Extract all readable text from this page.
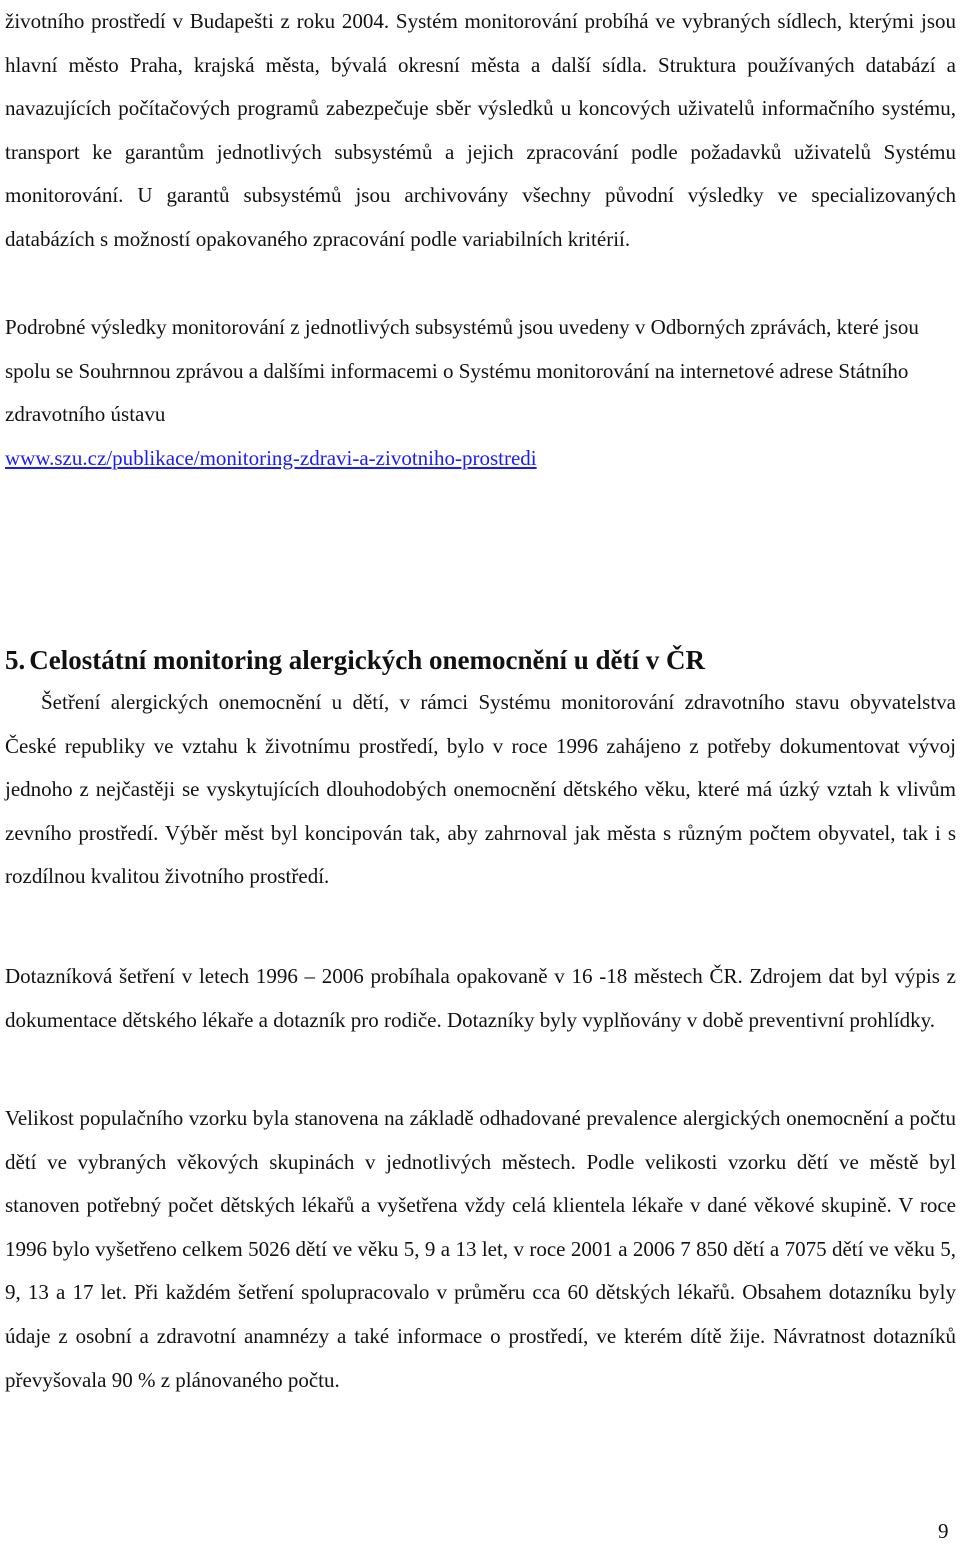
životního prostředí v Budapešti z roku 2004. Systém monitorování probíhá ve vybraných sídlech, kterými jsou hlavní město Praha, krajská města, bývalá okresní města a další sídla. Struktura používaných databází a navazujících počítačových programů zabezpečuje sběr výsledků u koncových uživatelů informačního systému, transport ke garantům jednotlivých subsystémů a jejich zpracování podle požadavků uživatelů Systému monitorování. U garantů subsystémů jsou archivovány všechny původní výsledky ve specializovaných databázích s možností opakovaného zpracování podle variabilních kritérií.

Podrobné výsledky monitorování z jednotlivých subsystémů jsou uvedeny v Odborných zprávách, které jsou spolu se Souhrnnou zprávou a dalšími informacemi o Systému monitorování na internetové adrese Státního zdravotního ústavu
www.szu.cz/publikace/monitoring-zdravi-a-zivotniho-prostredi

5. Celostátní monitoring alergických onemocnění u dětí v ČR

Šetření alergických onemocnění u dětí, v rámci Systému monitorování zdravotního stavu obyvatelstva České republiky ve vztahu k životnímu prostředí, bylo v roce 1996 zahájeno z potřeby dokumentovat vývoj jednoho z nejčastěji se vyskytujících dlouhodobých onemocnění dětského věku, které má úzký vztah k vlivům zevního prostředí. Výběr měst byl koncipován tak, aby zahrnoval jak města s různým počtem obyvatel, tak i s rozdílnou kvalitou životního prostředí.

Dotazníková šetření v letech 1996 – 2006 probíhala opakovaně v 16 -18 městech ČR. Zdrojem dat byl výpis z dokumentace dětského lékaře a dotazník pro rodiče. Dotazníky byly vyplňovány v době preventivní prohlídky.

Velikost populačního vzorku byla stanovena na základě odhadované prevalence alergických onemocnění a počtu dětí ve vybraných věkových skupinách v jednotlivých městech. Podle velikosti vzorku dětí ve městě byl stanoven potřebný počet dětských lékařů a vyšetřena vždy celá klientela lékaře v dané věkové skupině. V roce 1996 bylo vyšetřeno celkem 5026 dětí ve věku 5, 9 a 13 let, v roce 2001 a 2006 7 850 dětí a 7075 dětí ve věku 5, 9, 13 a 17 let. Při každém šetření spolupracovalo v průměru cca 60 dětských lékařů. Obsahem dotazníku byly údaje z osobní a zdravotní anamnézy a také informace o prostředí, ve kterém dítě žije. Návratnost dotazníků převyšovala 90 % z plánovaného počtu.

9
